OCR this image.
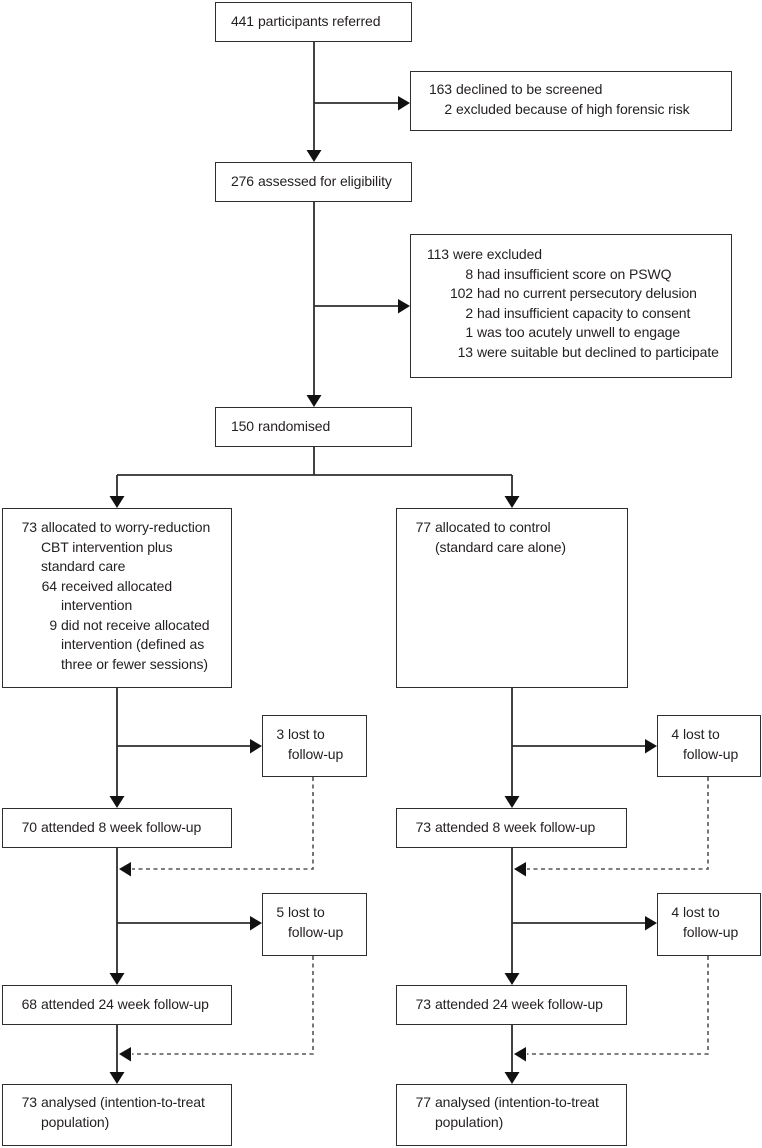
441 participants referred
163 declined to be screened
2 excluded because of high forensic risk
276 assessed for eligibility
113 were excluded
8 had insufficient score on PSWQ
102 had no current persecutory delusion
2 had insufficient capacity to consent
1 was too acutely unwell to engage
13 were suitable but declined to participate
150 randomised
73 allocated to worry-reduction
CBT intervention plus
standard care
64 received allocated
intervention
9 did not receive allocated
intervention (defined as
three or fewer sessions)
77 allocated to control
(standard care alone)
3 lost to
follow-up
4 lost to
follow-up
70 attended 8 week follow-up	73 attended 8 week follow-up
5 lost to
follow-up
4 lost to
follow-up
68 attended 24 week follow-up	73 attended 24 week follow-up
73 analysed (intention-to-treat
population)
77 analysed (intention-to-treat
population)
